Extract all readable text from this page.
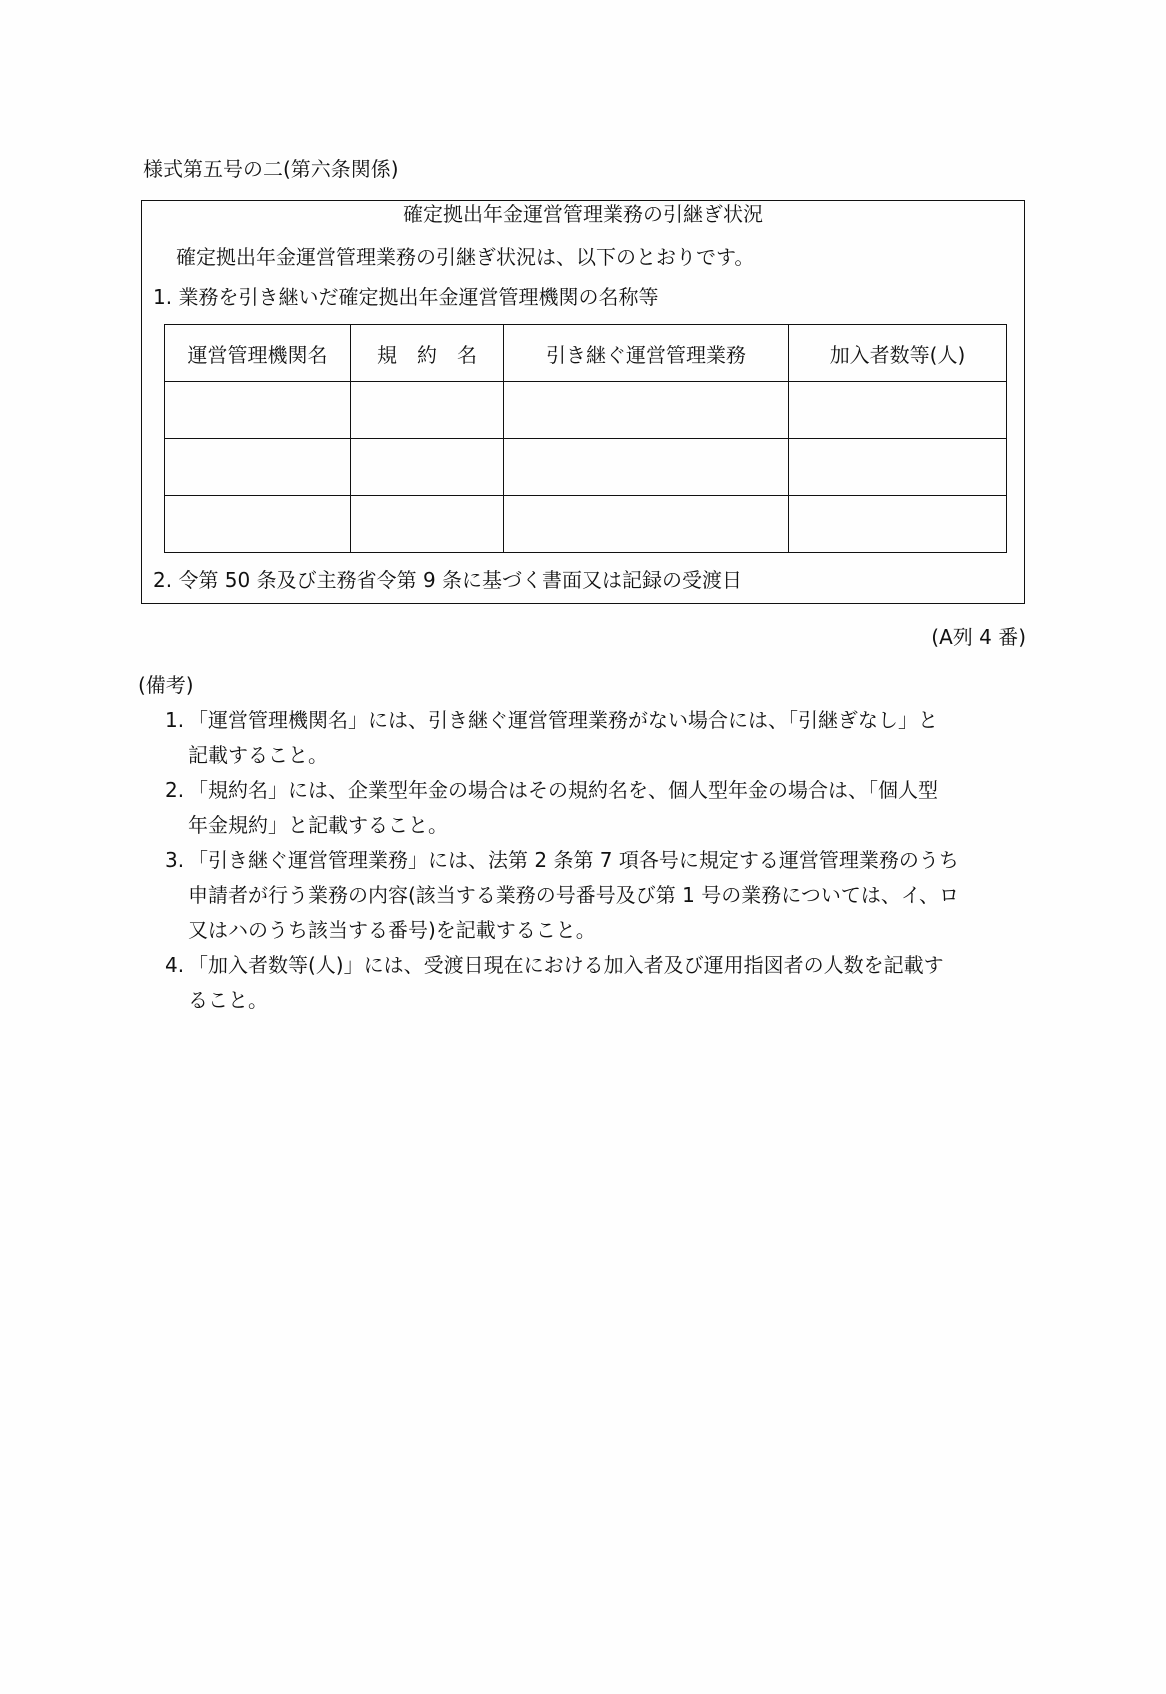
様式第五号の二(第六条関係)
確定拠出年金運営管理業務の引継ぎ状況
確定拠出年金運営管理業務の引継ぎ状況は、以下のとおりです。
1. 業務を引き継いだ確定拠出年金運営管理機関の名称等
運営管理機関名	規　約　名	引き継ぐ運営管理業務	加入者数等(人)

2. 令第 50 条及び主務省令第 9 条に基づく書面又は記録の受渡日
(A列 4 番)
(備考)
1. 「運営管理機関名」には、引き継ぐ運営管理業務がない場合には、「引継ぎなし」と
記載すること。
2. 「規約名」には、企業型年金の場合はその規約名を、個人型年金の場合は、「個人型
年金規約」と記載すること。
3. 「引き継ぐ運営管理業務」には、法第 2 条第 7 項各号に規定する運営管理業務のうち
申請者が行う業務の内容(該当する業務の号番号及び第 1 号の業務については、イ、ロ
又はハのうち該当する番号)を記載すること。
4. 「加入者数等(人)」には、受渡日現在における加入者及び運用指図者の人数を記載す
ること。
